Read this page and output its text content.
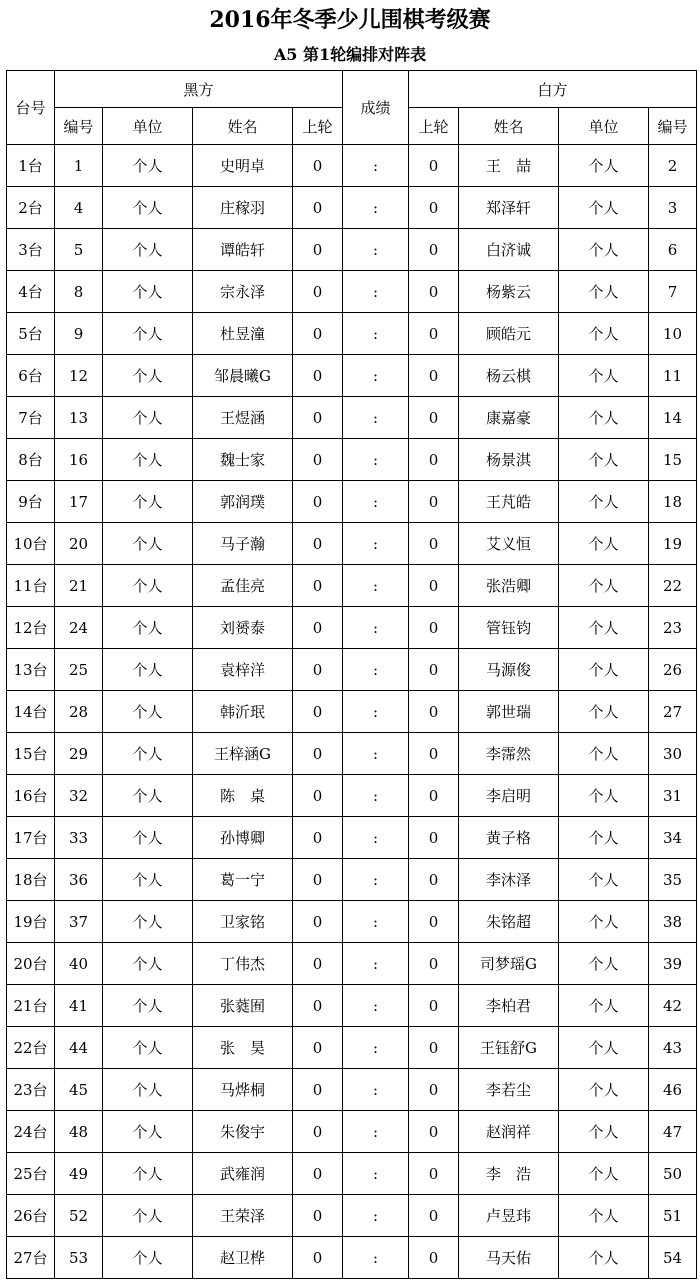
2016年冬季少儿围棋考级赛
A5 第1轮编排对阵表
台号	黑方				成绩	白方			
	编号	单位	姓名	上轮		上轮	姓名	单位	编号
1台	1	个人	史明卓	0	:	0	王　喆	个人	2
2台	4	个人	庄稼羽	0	:	0	郑泽轩	个人	3
3台	5	个人	谭皓轩	0	:	0	白济诚	个人	6
4台	8	个人	宗永泽	0	:	0	杨紫云	个人	7
5台	9	个人	杜昱潼	0	:	0	顾皓元	个人	10
6台	12	个人	邹晨曦G	0	:	0	杨云棋	个人	11
7台	13	个人	王煜涵	0	:	0	康嘉豪	个人	14
8台	16	个人	魏士家	0	:	0	杨景淇	个人	15
9台	17	个人	郭润璞	0	:	0	王芃皓	个人	18
10台	20	个人	马子瀚	0	:	0	艾义恒	个人	19
11台	21	个人	孟佳亮	0	:	0	张浩卿	个人	22
12台	24	个人	刘赟泰	0	:	0	管钰钧	个人	23
13台	25	个人	袁梓洋	0	:	0	马源俊	个人	26
14台	28	个人	韩沂珉	0	:	0	郭世瑞	个人	27
15台	29	个人	王梓涵G	0	:	0	李霈然	个人	30
16台	32	个人	陈　桌	0	:	0	李启明	个人	31
17台	33	个人	孙博卿	0	:	0	黄子格	个人	34
18台	36	个人	葛一宁	0	:	0	李沐泽	个人	35
19台	37	个人	卫家铭	0	:	0	朱铭超	个人	38
20台	40	个人	丁伟杰	0	:	0	司梦瑶G	个人	39
21台	41	个人	张蕤囿	0	:	0	李柏君	个人	42
22台	44	个人	张　昊	0	:	0	王钰舒G	个人	43
23台	45	个人	马烨桐	0	:	0	李若尘	个人	46
24台	48	个人	朱俊宇	0	:	0	赵润祥	个人	47
25台	49	个人	武雍润	0	:	0	李　浩	个人	50
26台	52	个人	王荣泽	0	:	0	卢昱玮	个人	51
27台	53	个人	赵卫桦	0	:	0	马天佑	个人	54
